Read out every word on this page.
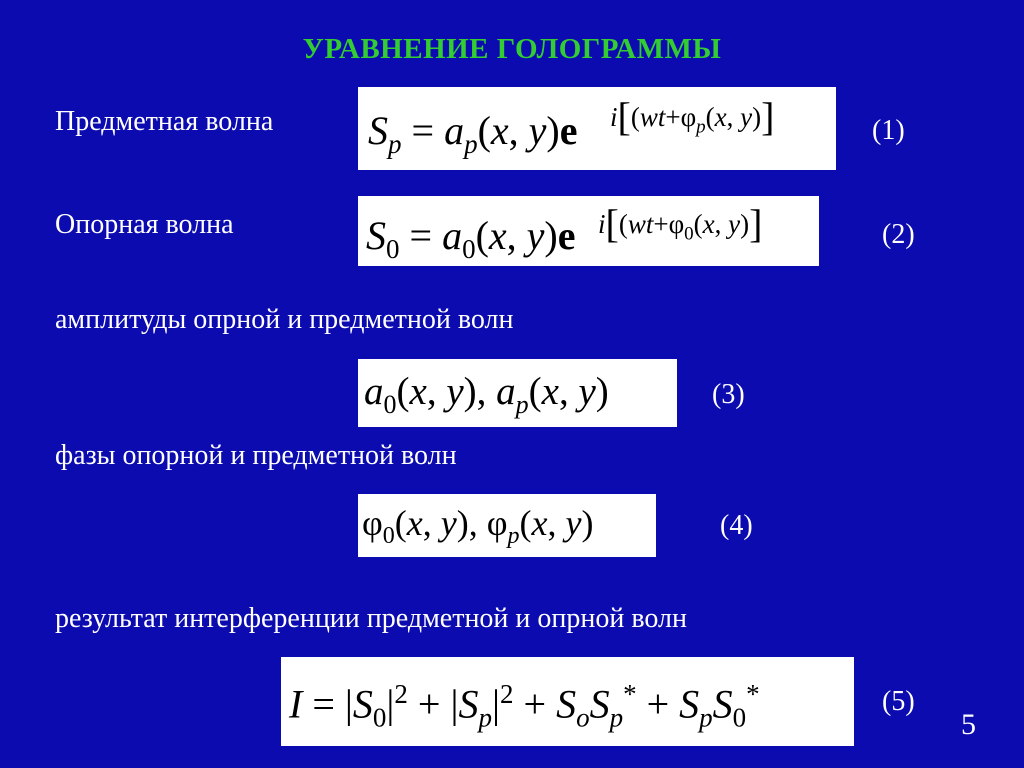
УРАВНЕНИЕ ГОЛОГРАММЫ
Предметная волна $S_p = a_p(x$, y)e $i[(wt+\varphi_p(x$, y)]	(1)
Опорная волна	$S_0 = a_0(x$, y)e $i[(wt+\varphi_0(x$, y)]	(2)
амплитуды опрной и предметной волн
$a_0(x$, y), $a_p(x$, y)	(3)
фазы опорной и предметной волн
$\varphi_0(x$, y), $\varphi_p(x$, y)	(4)
результат интерференции предметной и опрной волн
$I = |S_0|^2 + |S_p|^2 + S_oS_p^* + S_pS_0^*$	(5)
5
